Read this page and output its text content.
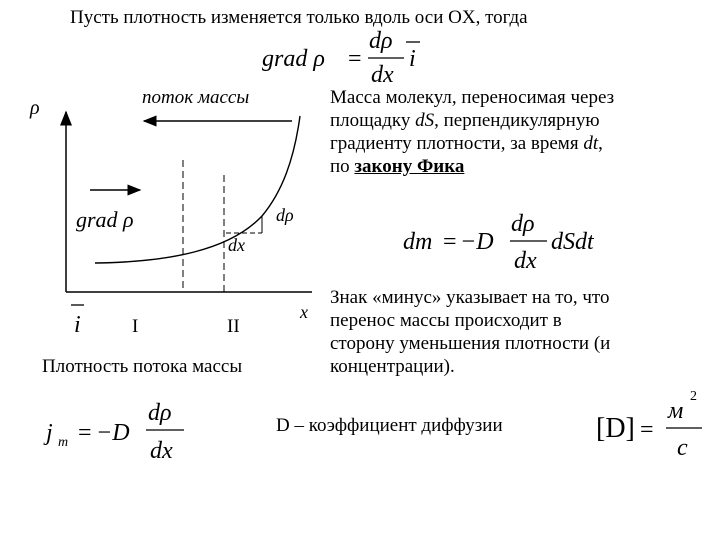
Пусть плотность изменяется только вдоль оси OX, тогда
grad ρ =
dρ
dx
i
ρ	поток массы
grad ρ	dρ
dx
x
i	I	II
Плотность потока массы
dm = −D
dρ
dx
dSdt
j m = −D
dρ
dx
[D] =
м
2
c
Масса молекул, переносимая через
площадку dS, перпендикулярную
градиенту плотности, за время dt,
по закону Фика
Знак «минус» указывает на то, что
перенос массы происходит в
сторону уменьшения плотности (и
концентрации).
D – коэффициент диффузии
